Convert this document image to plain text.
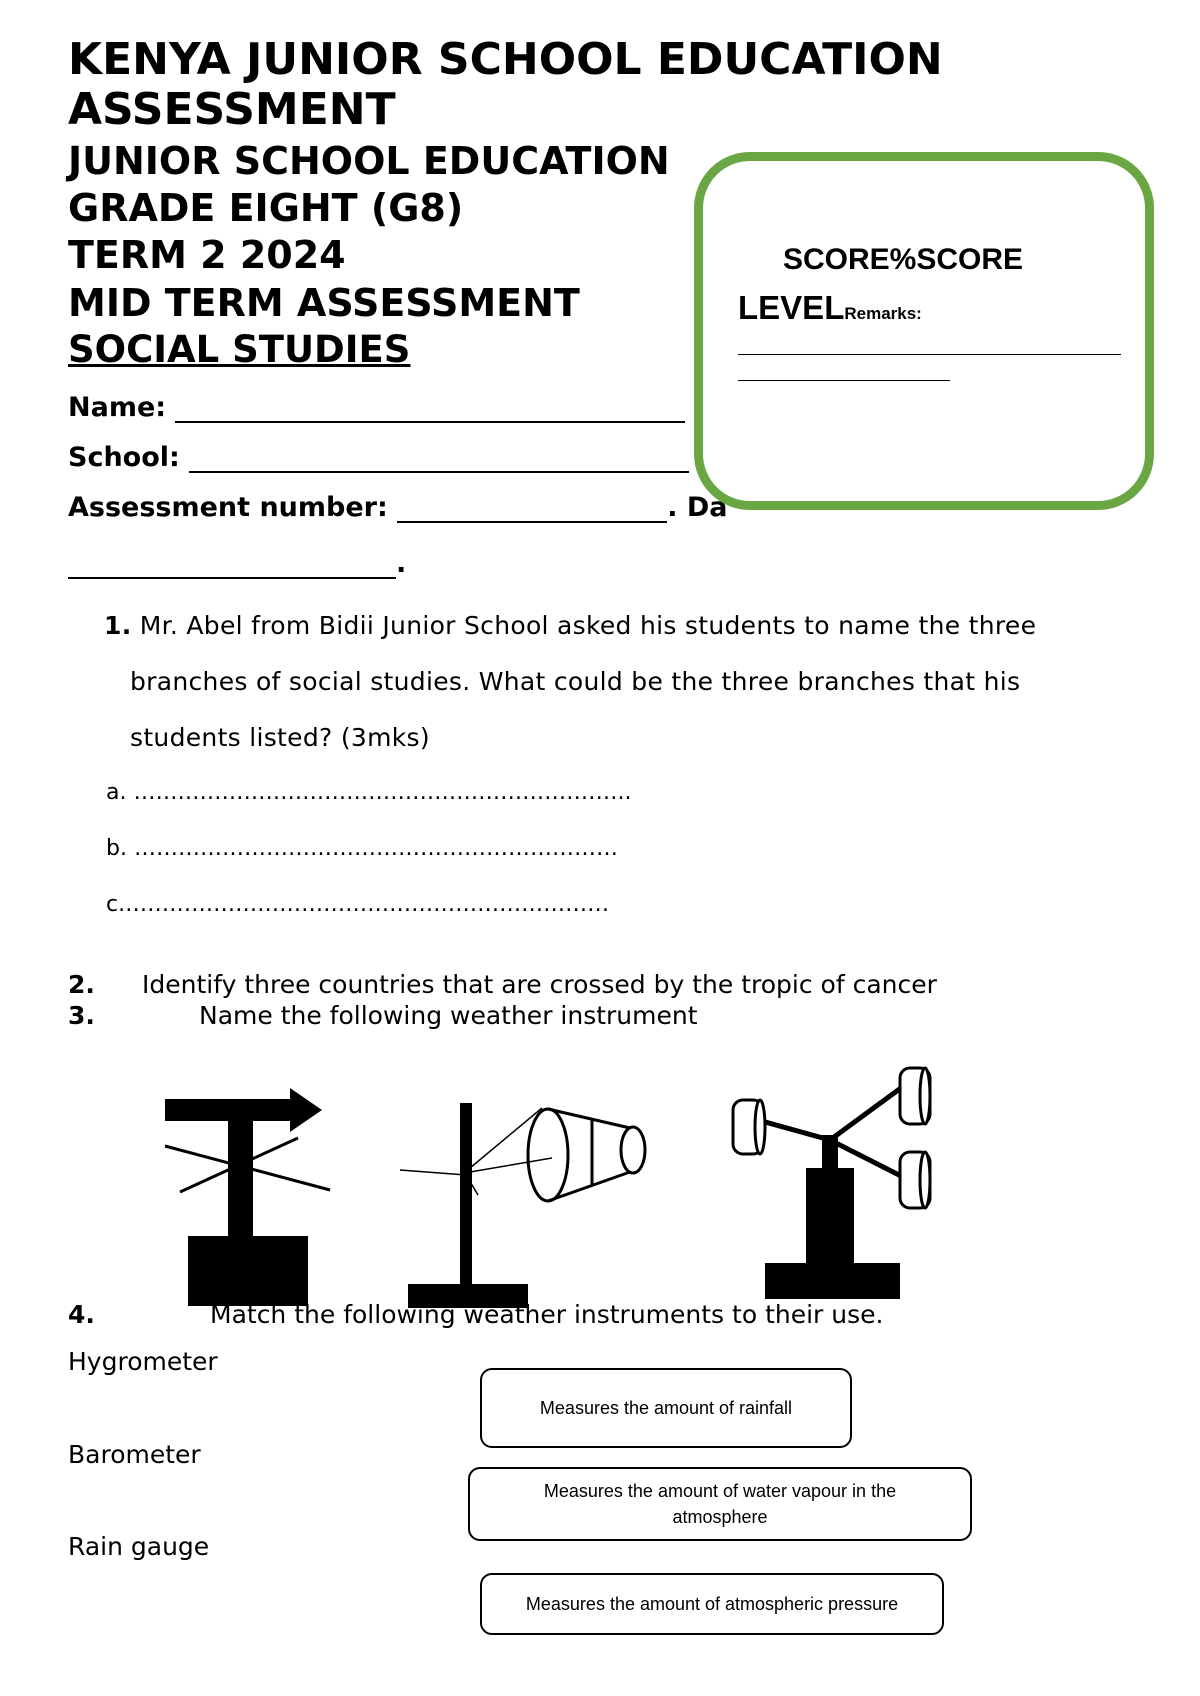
KENYA JUNIOR SCHOOL EDUCATION
ASSESSMENT
JUNIOR SCHOOL EDUCATION
GRADE EIGHT (G8)
TERM 2 2024
MID TERM ASSESSMENT
SOCIAL STUDIES
Name:
School:
Assessment number:	. Da
.
SCORE%SCORE
LEVELRemarks:
1. Mr. Abel from Bidii Junior School asked his students to name the three
branches of social studies. What could be the three branches that his
students listed? (3mks)
a. …………………………………………………………..
b. …………………………………………………………
c.…………………………………………………………
2. Identify three countries that are crossed by the tropic of cancer
3.	Name the following weather instrument
4.	Match the following weather instruments to their use.
Hygrometer
Barometer
Rain gauge
Measures the amount of rainfall
Measures the amount of water vapour in the atmosphere
Measures the amount of atmospheric pressure
